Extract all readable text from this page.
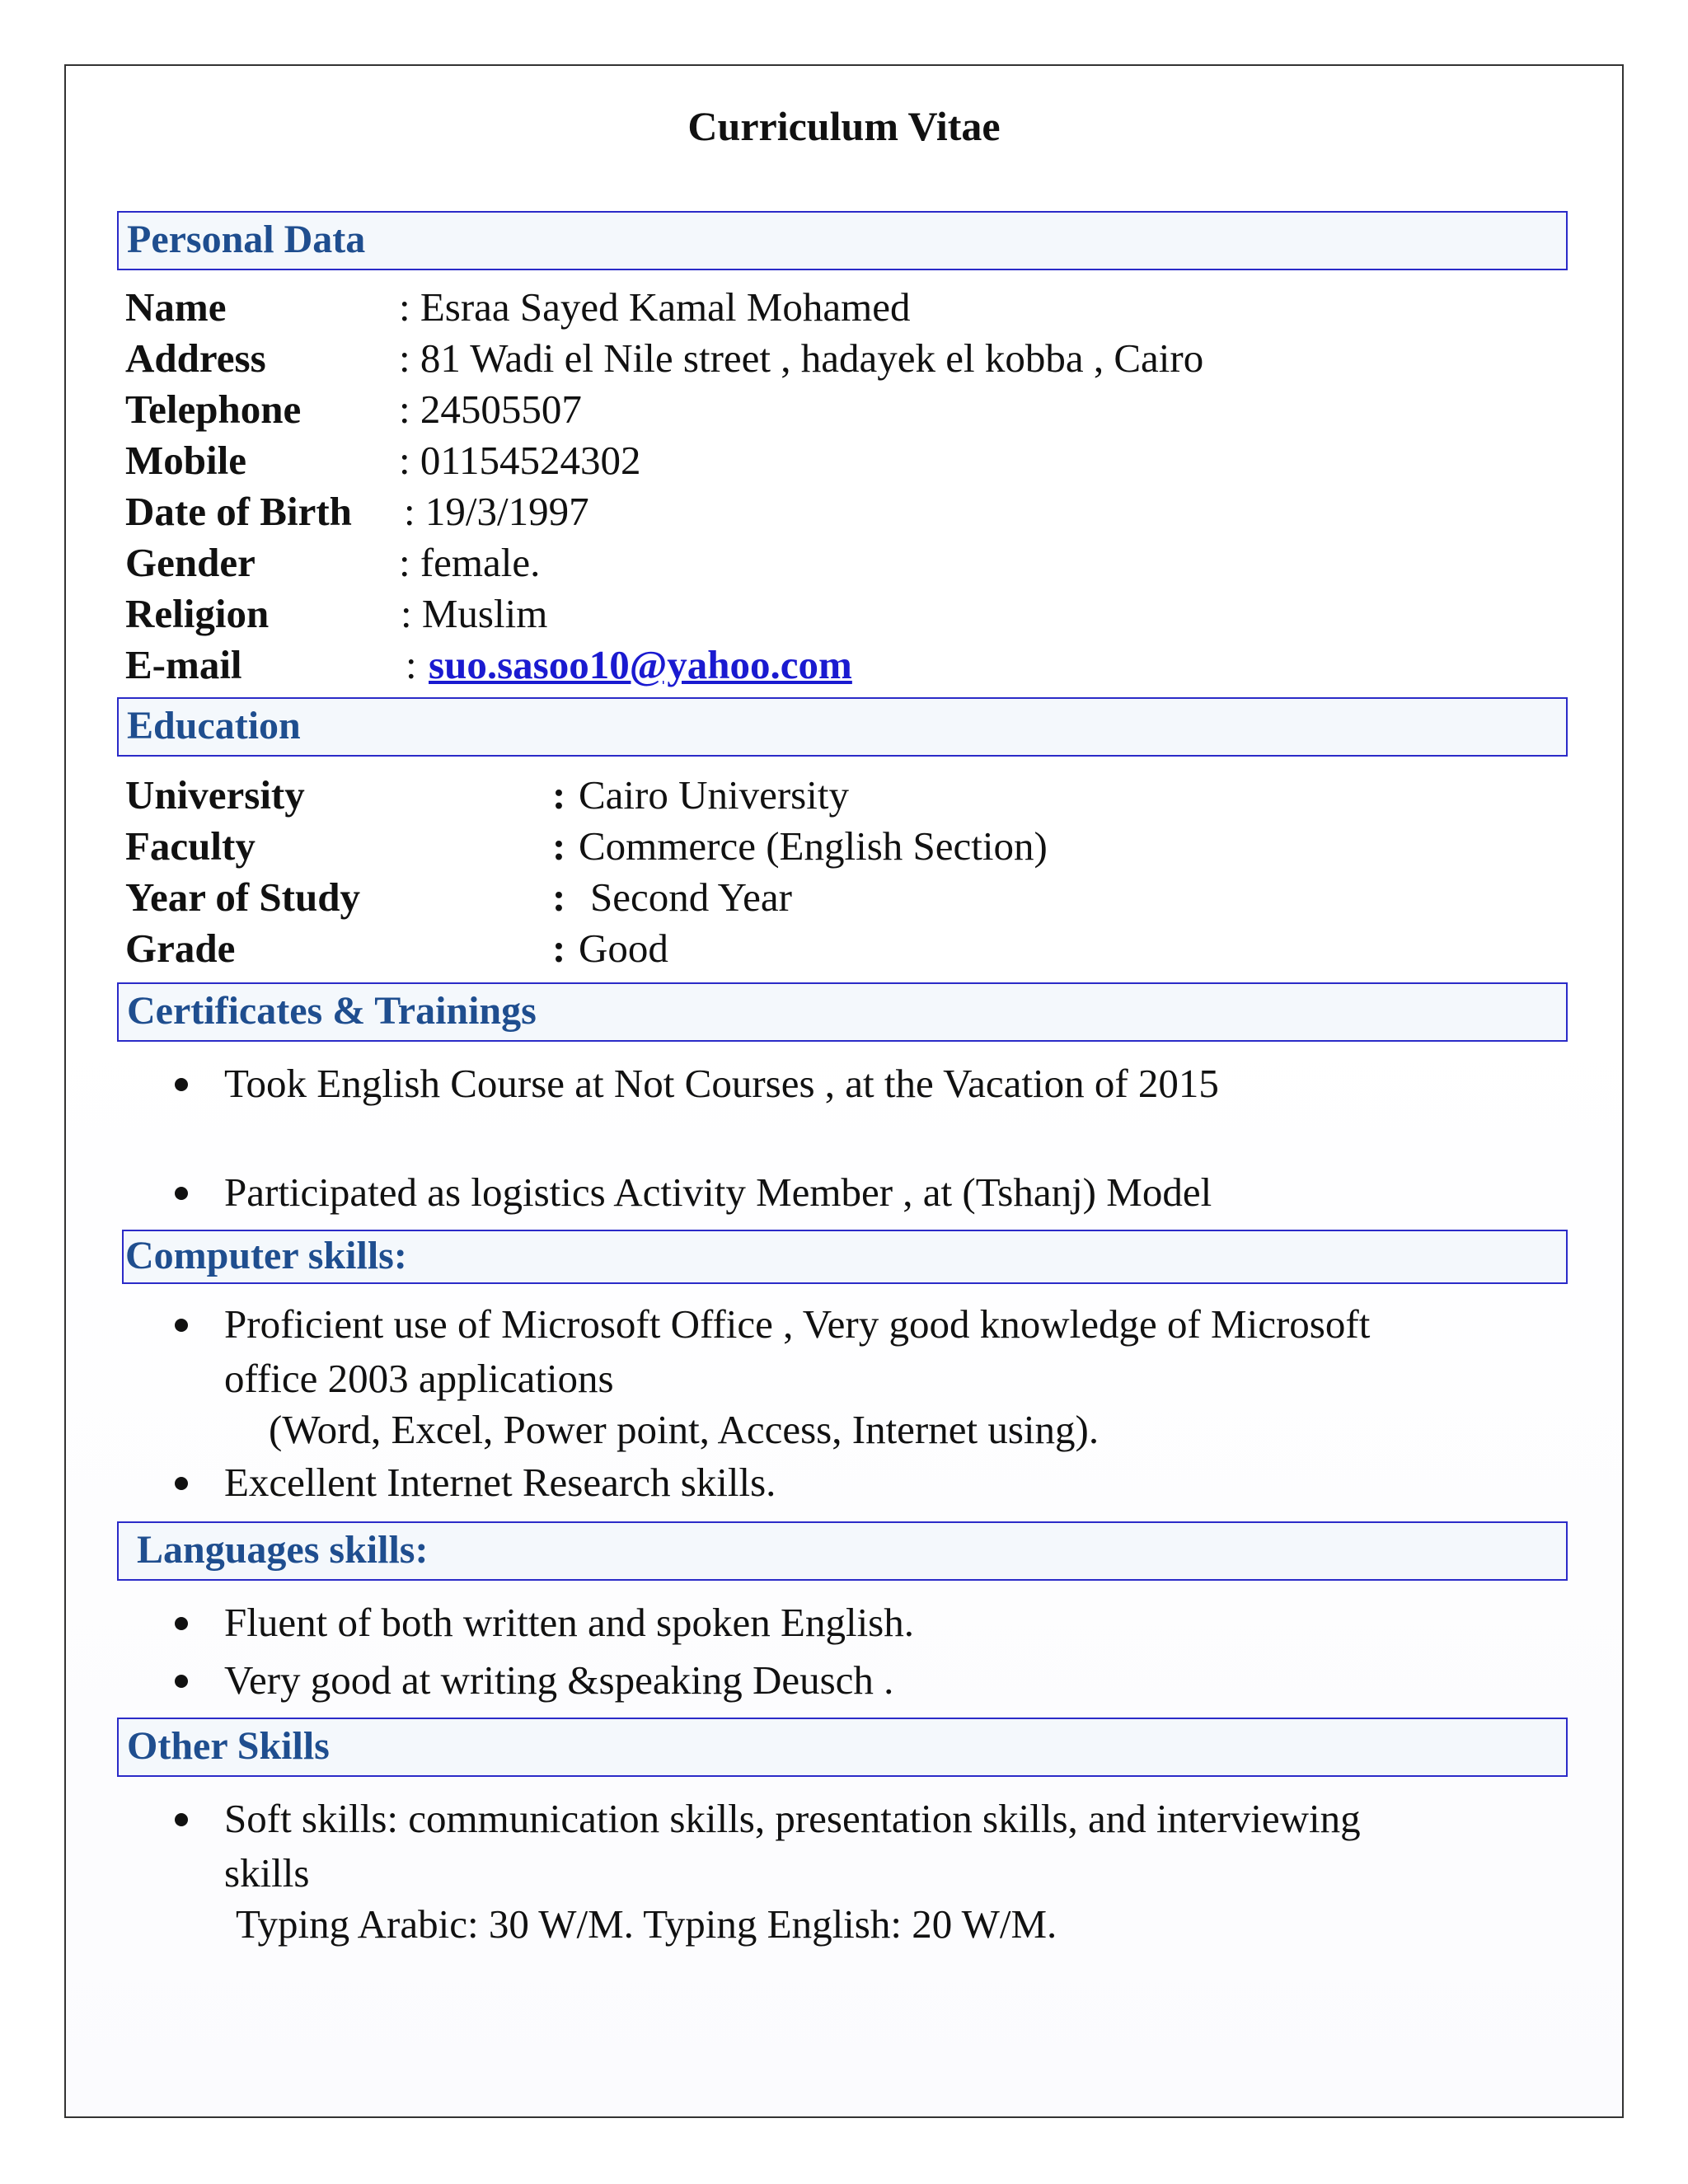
Curriculum Vitae
Personal Data
Name	: Esraa Sayed Kamal Mohamed
Address	: 81 Wadi el Nile street , hadayek el kobba , Cairo
Telephone : 24505507
Mobile	: 01154524302
Date of Birth : 19/3/1997
Gender	: female.
Religion	: Muslim
E-mail	: suo.sasoo10@yahoo.com
Education
University	: Cairo University
Faculty	: Commerce (English Section)
Year of Study	: Second Year
Grade	: Good
Certificates & Trainings
Took English Course at Not Courses , at the Vacation of 2015
Participated as logistics Activity Member , at (Tshanj) Model
Computer skills:
Proficient use of Microsoft Office , Very good knowledge of Microsoft
office 2003 applications
(Word, Excel, Power point, Access, Internet using).
Excellent Internet Research skills.
Languages skills:
Fluent of both written and spoken English.
Very good at writing &speaking Deusch .
Other Skills
Soft skills: communication skills, presentation skills, and interviewing
skills
Typing Arabic: 30 W/M. Typing English: 20 W/M.
